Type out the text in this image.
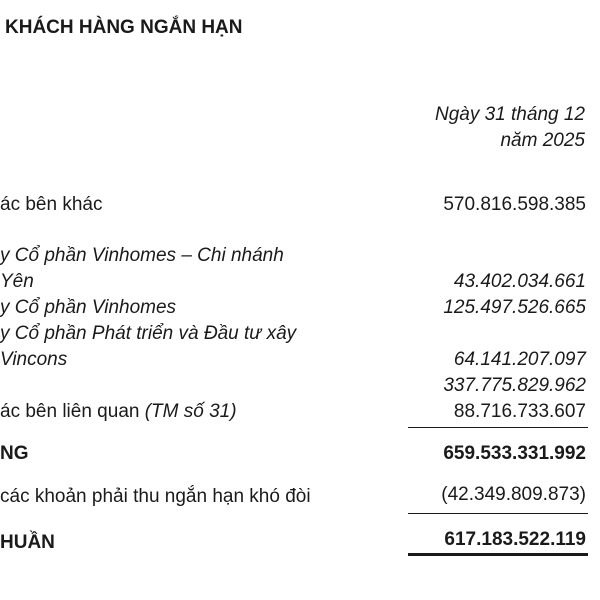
KHÁCH HÀNG NGẮN HẠN
Ngày 31 tháng 12
năm 2025
ác bên khác	570.816.598.385
y Cổ phần Vinhomes – Chi nhánh
Yên	43.402.034.661
y Cổ phần Vinhomes	125.497.526.665
y Cổ phần Phát triển và Đầu tư xây
Vincons	64.141.207.097
337.775.829.962
ác bên liên quan (TM số 31)	88.716.733.607
NG	659.533.331.992
các khoản phải thu ngắn hạn khó đòi	(42.349.809.873)
HUẦN	617.183.522.119
